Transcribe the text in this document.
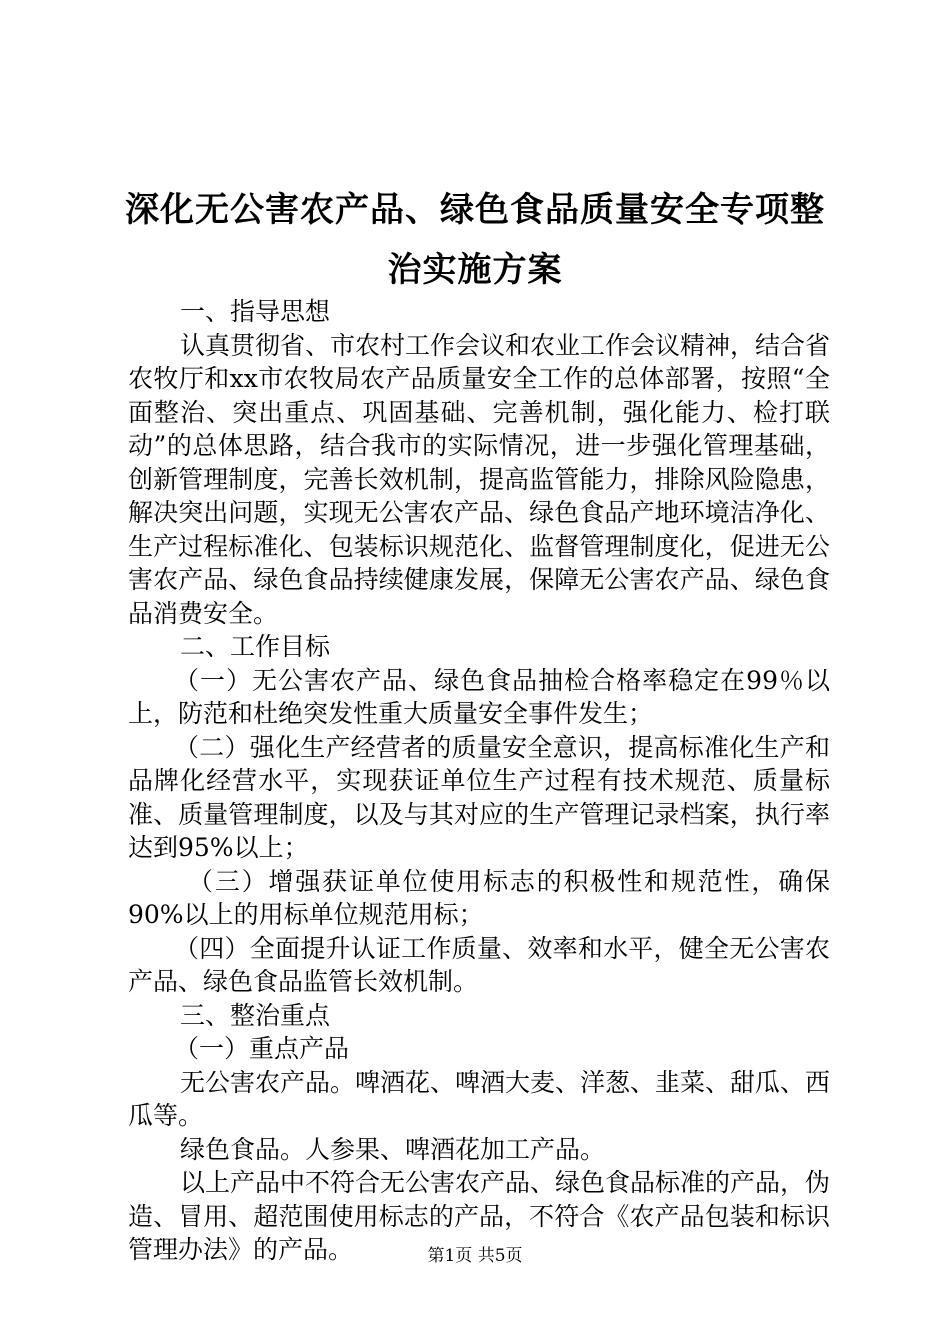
深化无公害农产品、绿色食品质量安全专项整
治实施方案

一、指导思想

认真贯彻省、市农村工作会议和农业工作会议精神，结合省农牧厅和xx市农牧局农产品质量安全工作的总体部署，按照“全面整治、突出重点、巩固基础、完善机制，强化能力、检打联动”的总体思路，结合我市的实际情况，进一步强化管理基础，创新管理制度，完善长效机制，提高监管能力，排除风险隐患，解决突出问题，实现无公害农产品、绿色食品产地环境洁净化、生产过程标准化、包装标识规范化、监督管理制度化，促进无公害农产品、绿色食品持续健康发展，保障无公害农产品、绿色食品消费安全。

二、工作目标

（一）无公害农产品、绿色食品抽检合格率稳定在99％以上，防范和杜绝突发性重大质量安全事件发生；

（二）强化生产经营者的质量安全意识，提高标准化生产和品牌化经营水平，实现获证单位生产过程有技术规范、质量标准、质量管理制度，以及与其对应的生产管理记录档案，执行率达到95%以上；

（三）增强获证单位使用标志的积极性和规范性，确保90%以上的用标单位规范用标；

（四）全面提升认证工作质量、效率和水平，健全无公害农产品、绿色食品监管长效机制。

三、整治重点

（一）重点产品

无公害农产品。啤酒花、啤酒大麦、洋葱、韭菜、甜瓜、西瓜等。

绿色食品。人参果、啤酒花加工产品。

以上产品中不符合无公害农产品、绿色食品标准的产品，伪造、冒用、超范围使用标志的产品，不符合《农产品包装和标识管理办法》的产品。	第1页 共5页
